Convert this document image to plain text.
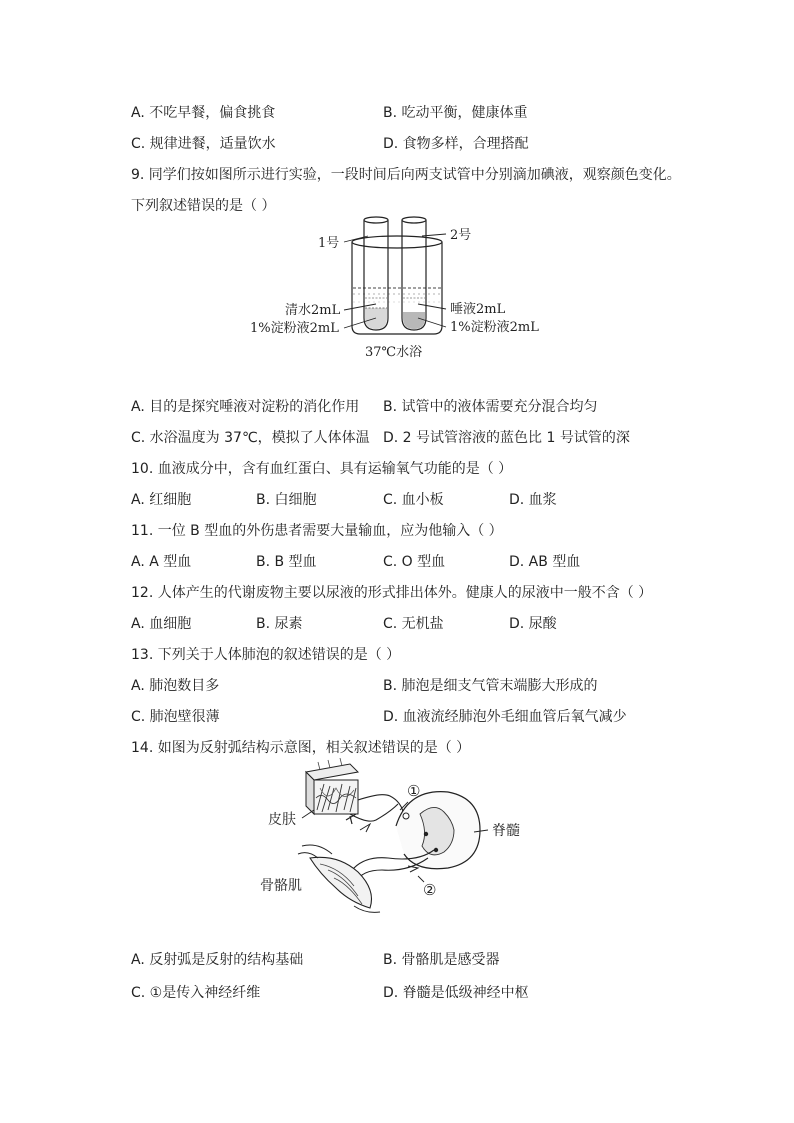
A. 不吃早餐，偏食挑食	B. 吃动平衡，健康体重
C. 规律进餐，适量饮水	D. 食物多样，合理搭配
9. 同学们按如图所示进行实验，一段时间后向两支试管中分别滴加碘液，观察颜色变化。
下列叙述错误的是（ ）
1号
2号
清水2mL
1%淀粉液2mL
唾液2mL
1%淀粉液2mL
37℃水浴
A. 目的是探究唾液对淀粉的消化作用 B. 试管中的液体需要充分混合均匀
C. 水浴温度为 37℃，模拟了人体体温 D. 2 号试管溶液的蓝色比 1 号试管的深
10. 血液成分中，含有血红蛋白、具有运输氧气功能的是（ ）
A. 红细胞	B. 白细胞	C. 血小板	D. 血浆
11. 一位 B 型血的外伤患者需要大量输血，应为他输入（ ）
A. A 型血	B. B 型血	C. O 型血	D. AB 型血
12. 人体产生的代谢废物主要以尿液的形式排出体外。健康人的尿液中一般不含（ ）
A. 血细胞	B. 尿素	C. 无机盐	D. 尿酸
13. 下列关于人体肺泡的叙述错误的是（ ）
A. 肺泡数目多	B. 肺泡是细支气管末端膨大形成的
C. 肺泡壁很薄	D. 血液流经肺泡外毛细血管后氧气减少
14. 如图为反射弧结构示意图，相关叙述错误的是（ ）
①
②
皮肤
脊髓
骨骼肌
A. 反射弧是反射的结构基础	B. 骨骼肌是感受器
C. ①是传入神经纤维	D. 脊髓是低级神经中枢
